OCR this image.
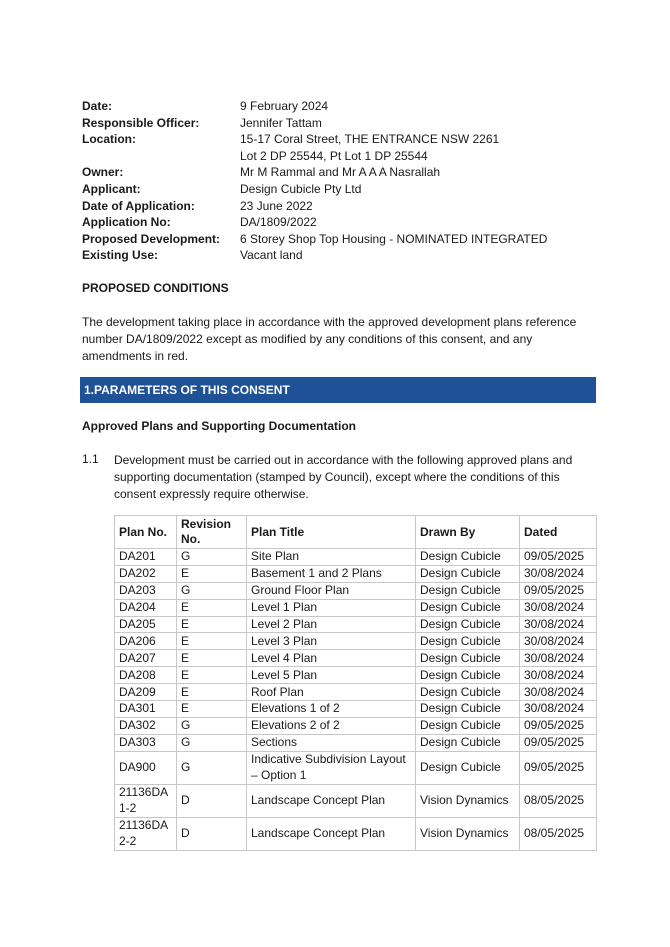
Date:	9 February 2024
Responsible Officer:	Jennifer Tattam
Location:	15-17 Coral Street, THE ENTRANCE NSW 2261
Lot 2 DP 25544, Pt Lot 1 DP 25544
Owner:	Mr M Rammal and Mr A A A Nasrallah
Applicant:	Design Cubicle Pty Ltd
Date of Application:	23 June 2022
Application No:	DA/1809/2022
Proposed Development:	6 Storey Shop Top Housing - NOMINATED INTEGRATED
Existing Use:	Vacant land
PROPOSED CONDITIONS
The development taking place in accordance with the approved development plans reference number DA/1809/2022 except as modified by any conditions of this consent, and any amendments in red.
1.PARAMETERS OF THIS CONSENT
Approved Plans and Supporting Documentation
1.1 Development must be carried out in accordance with the following approved plans and supporting documentation (stamped by Council), except where the conditions of this consent expressly require otherwise.
Plan No.	Revision No.	Plan Title	Drawn By	Dated
DA201	G	Site Plan	Design Cubicle	09/05/2025
DA202	E	Basement 1 and 2 Plans	Design Cubicle	30/08/2024
DA203	G	Ground Floor Plan	Design Cubicle	09/05/2025
DA204	E	Level 1 Plan	Design Cubicle	30/08/2024
DA205	E	Level 2 Plan	Design Cubicle	30/08/2024
DA206	E	Level 3 Plan	Design Cubicle	30/08/2024
DA207	E	Level 4 Plan	Design Cubicle	30/08/2024
DA208	E	Level 5 Plan	Design Cubicle	30/08/2024
DA209	E	Roof Plan	Design Cubicle	30/08/2024
DA301	E	Elevations 1 of 2	Design Cubicle	30/08/2024
DA302	G	Elevations 2 of 2	Design Cubicle	09/05/2025
DA303	G	Sections	Design Cubicle	09/05/2025
DA900	G	Indicative Subdivision Layout – Option 1	Design Cubicle	09/05/2025
21136DA 1-2	D	Landscape Concept Plan	Vision Dynamics	08/05/2025
21136DA 2-2	D	Landscape Concept Plan	Vision Dynamics	08/05/2025
